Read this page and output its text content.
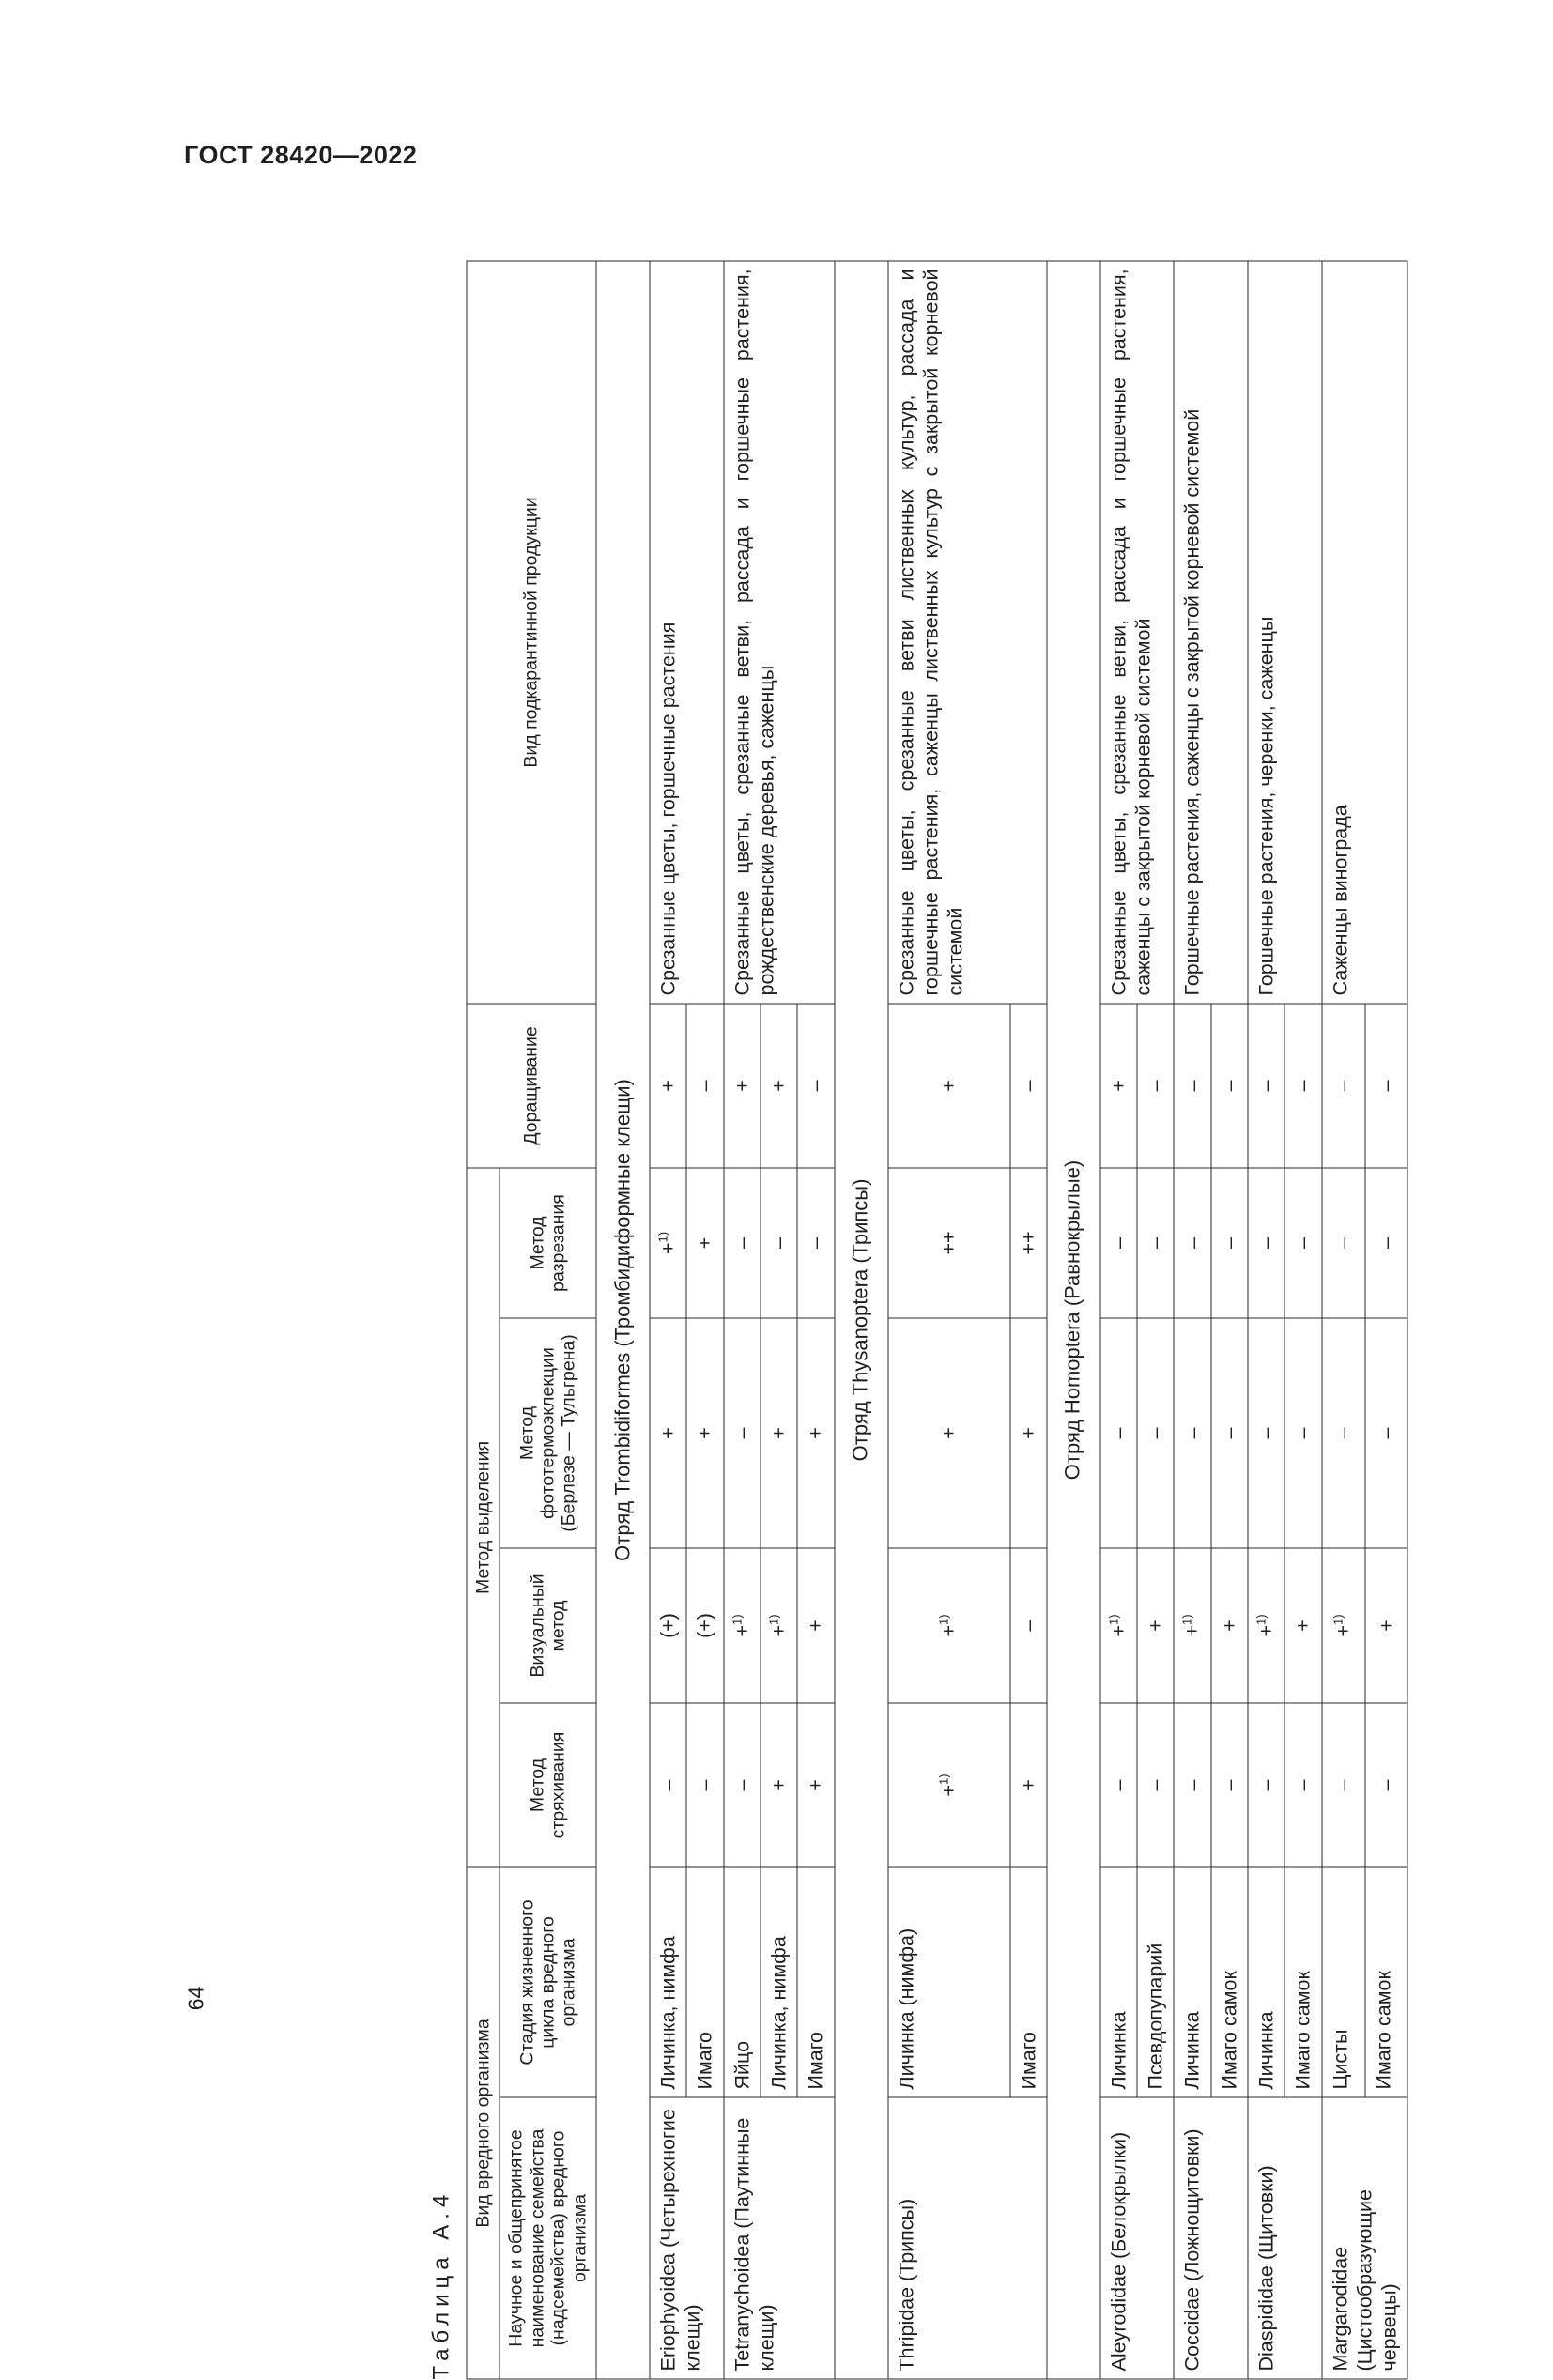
ГОСТ 28420—2022
64
Таблица А.4
Вид вредного организма		Метод выделения				Доращивание	Вид подкарантинной продукции
Научное и общепринятое наименование семейства (надсемейства) вредного организма	Стадия жизненного цикла вредного организма	Метод стряхивания	Визуальный метод	Метод фототермоэклекции (Берлезе — Тульгрена)	Метод разрезания		
Отряд Trombidiformes (Тромбидиформные клещи)							
Eriophyoidea (Четырехногие клещи)	Личинка, нимфа	–	(+)	+	+$^{1)}$	+	Срезанные цветы, горшечные растения
	Имаго	–	(+)	+	+	–	
Tetranychoidea (Паутинные клещи)	Яйцо	–	+$^{1)}$	–	–	+	Срезанные цветы, срезанные ветви, рассада и горшечные растения, рождественские деревья, саженцы
	Личинка, нимфа	+	+$^{1)}$	+	–	+	
	Имаго	+	+	+	–	–	
Отряд Thysanoptera (Трипсы)							
Thripidae (Трипсы)	Личинка (нимфа)	+$^{1)}$	+$^{1)}$	+	++	+	Срезанные цветы, срезанные ветви лиственных культур, рассада и горшечные растения, саженцы лиственных культур с закрытой корневой системой
	Имаго	+	–	+	++	–	
Отряд Homoptera (Равнокрылые)							
Aleyrodidae (Белокрылки)	Личинка	–	+$^{1)}$	–	–	+	Срезанные цветы, срезанные ветви, рассада и горшечные растения, саженцы с закрытой корневой системой
	Псевдопупарий	–	+	–	–	–	
Coccidae (Ложнощитовки)	Личинка	–	+$^{1)}$	–	–	–	Горшечные растения, саженцы с закрытой корневой системой
	Имаго самок	–	+	–	–	–	
Diaspididae (Щитовки)	Личинка	–	+$^{1)}$	–	–	–	Горшечные растения, черенки, саженцы
	Имаго самок	–	+	–	–	–	
Margarodidae (Цистообразующие червецы)	Цисты	–	+$^{1)}$	–	–	–	Саженцы винограда
	Имаго самок	–	+	–	–	–	
